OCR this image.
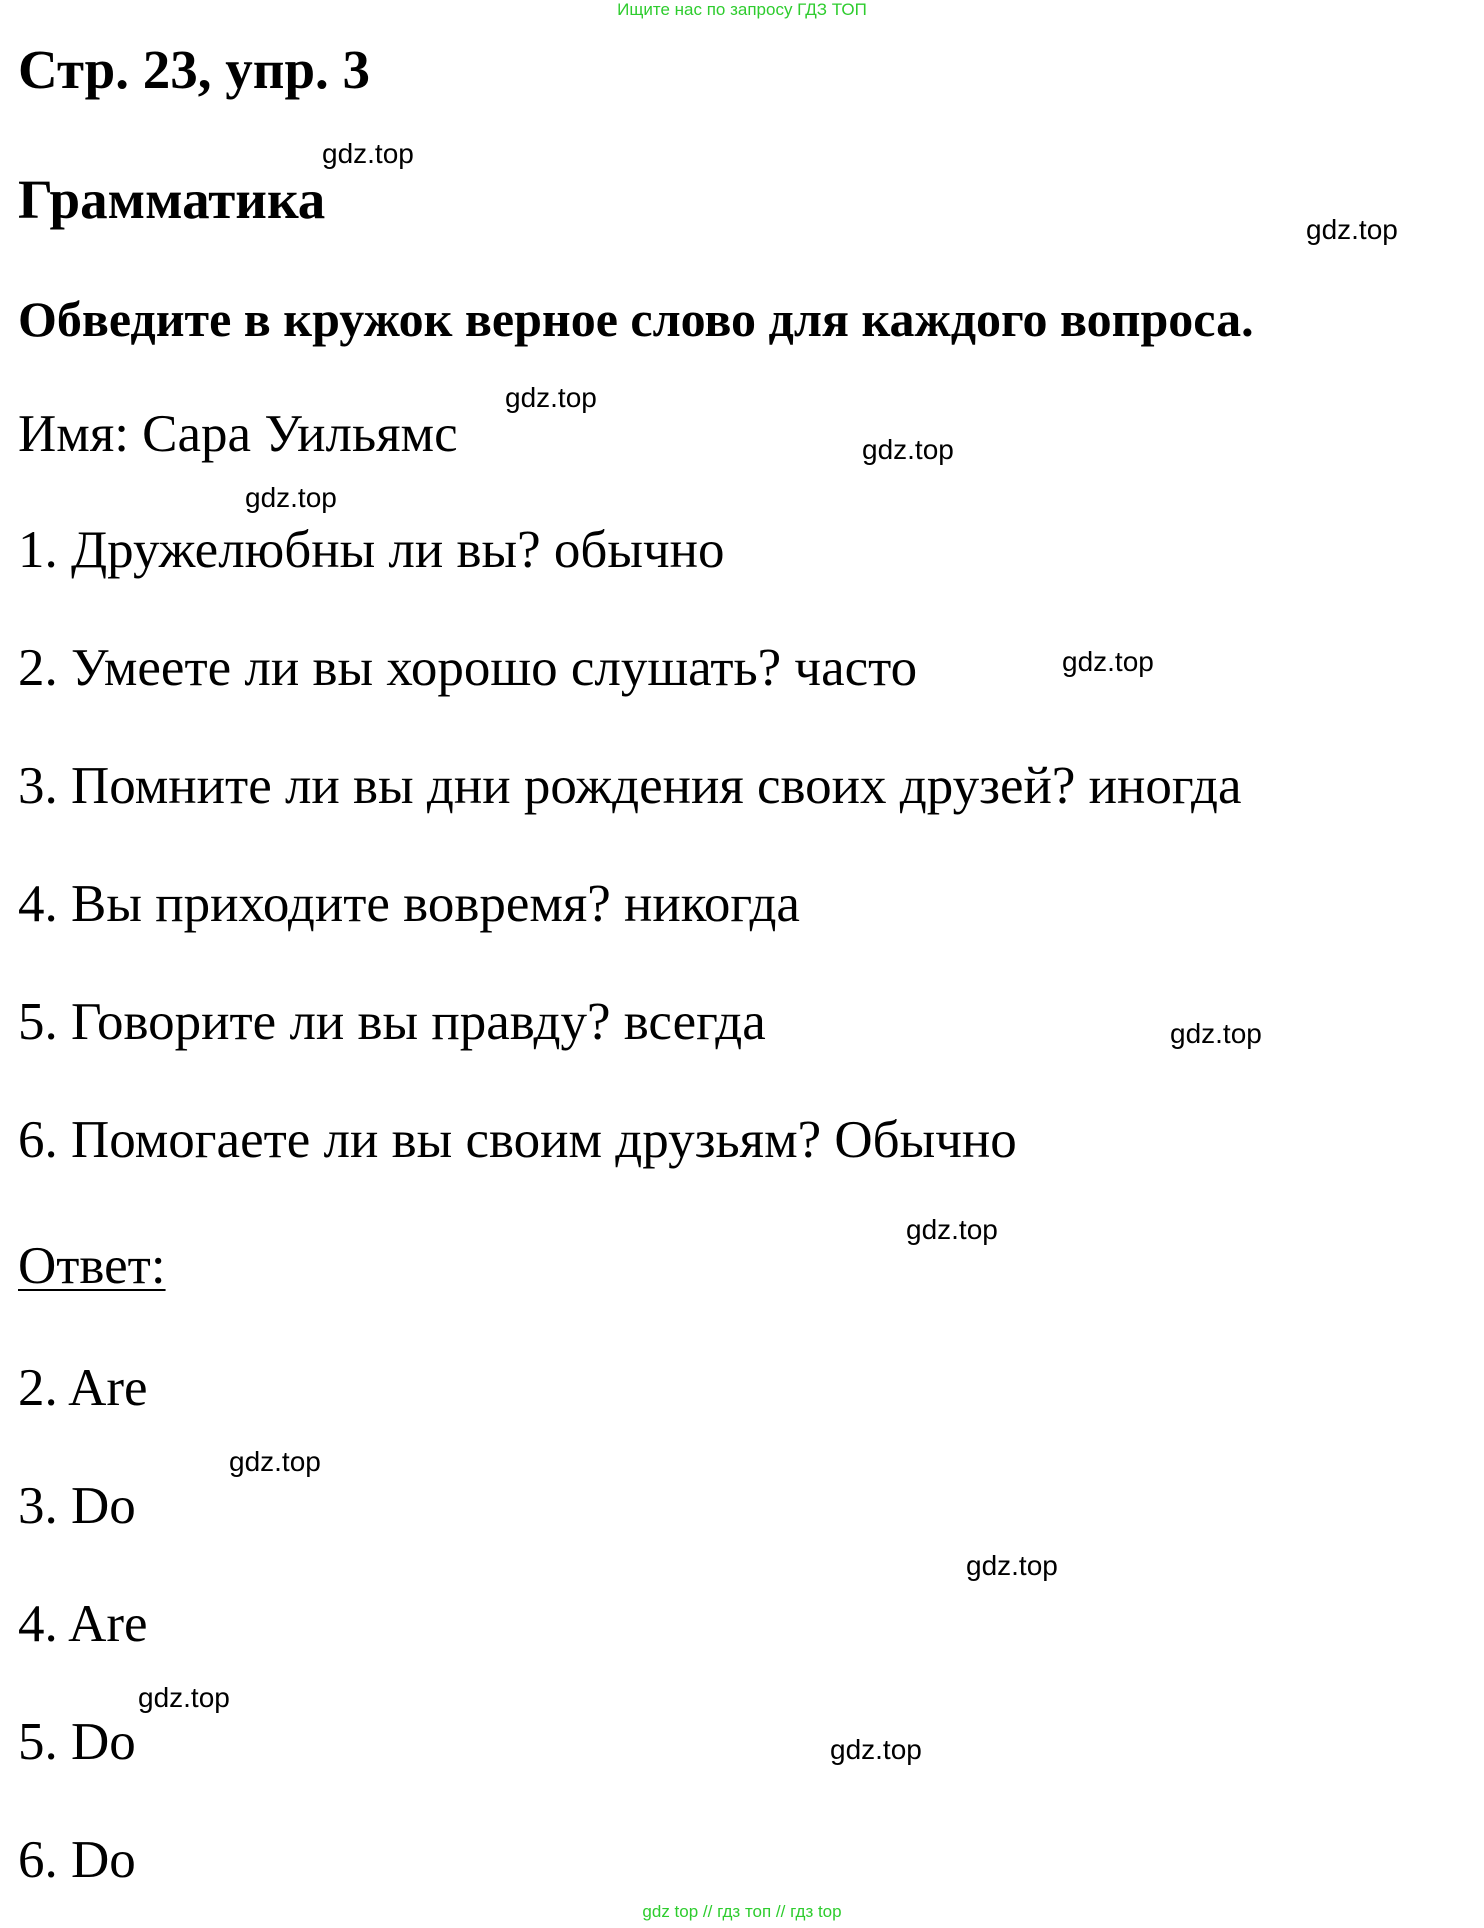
Ищите нас по запросу ГДЗ ТОП
Стр. 23, упр. 3
Грамматика
Обведите в кружок верное слово для каждого вопроса.
Имя: Сара Уильямс
1. Дружелюбны ли вы? обычно
2. Умеете ли вы хорошо слушать? часто
3. Помните ли вы дни рождения своих друзей? иногда
4. Вы приходите вовремя? никогда
5. Говорите ли вы правду? всегда
6. Помогаете ли вы своим друзьям? Обычно
Ответ:
2. Are
3. Do
4. Are
5. Do
6. Do
gdz.top
gdz.top
gdz.top
gdz.top
gdz.top
gdz.top
gdz.top
gdz.top
gdz.top
gdz.top
gdz.top
gdz.top
gdz top // гдз топ // гдз top
